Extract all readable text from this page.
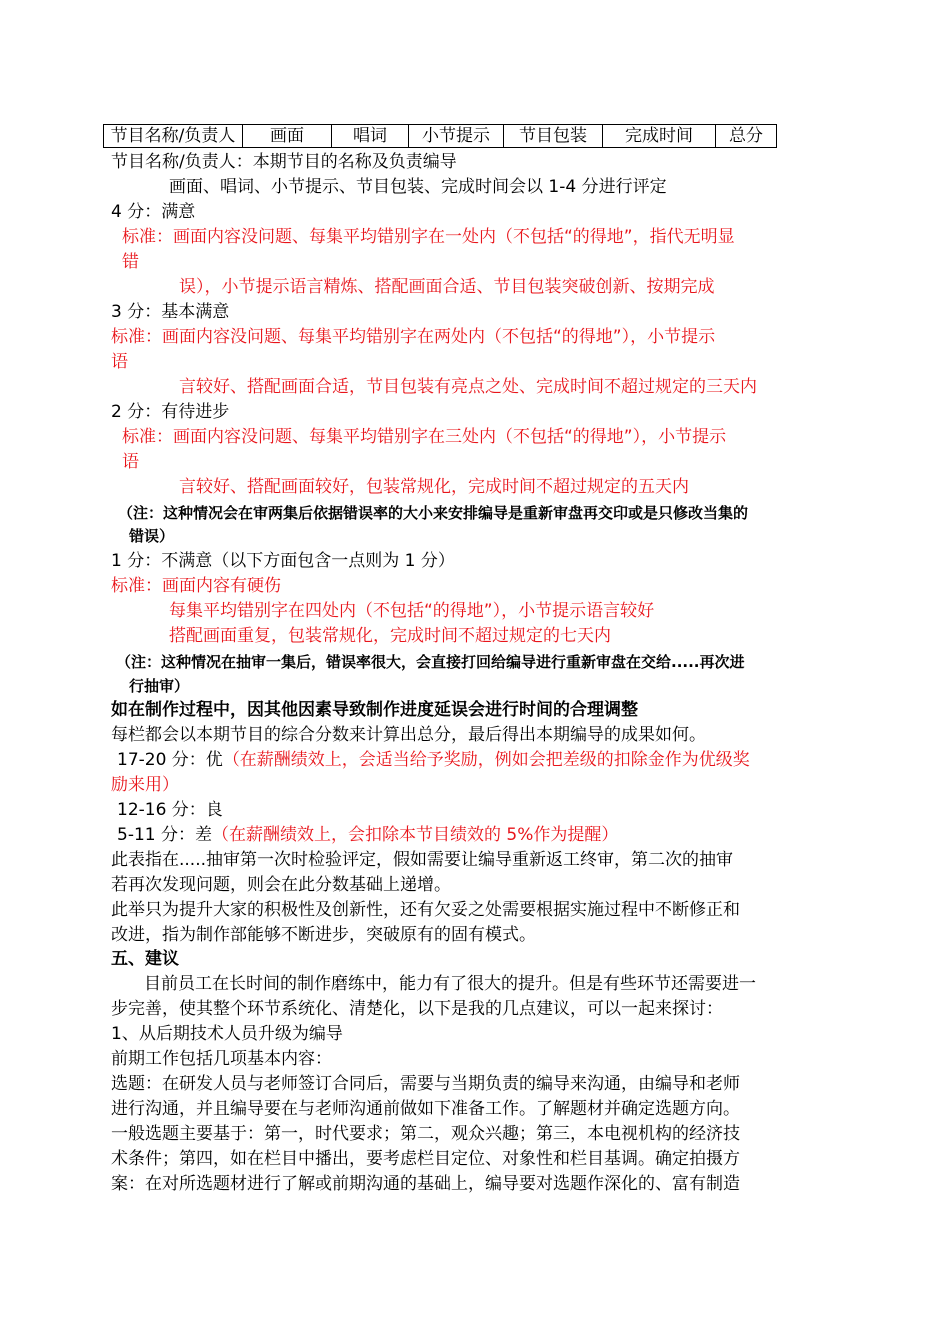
节目名称/负责人	画面	唱词	小节提示	节目包装	完成时间	总分
节目名称/负责人：本期节目的名称及负责编导
画面、唱词、小节提示、节目包装、完成时间会以 1-4 分进行评定
4 分：满意
标准：画面内容没问题、每集平均错别字在一处内（不包括“的得地”，指代无明显
错
误），小节提示语言精炼、搭配画面合适、节目包装突破创新、按期完成
3 分：基本满意
标准：画面内容没问题、每集平均错别字在两处内（不包括“的得地”），小节提示
语
言较好、搭配画面合适，节目包装有亮点之处、完成时间不超过规定的三天内
2 分：有待进步
标准：画面内容没问题、每集平均错别字在三处内（不包括“的得地”），小节提示
语
言较好、搭配画面较好，包装常规化，完成时间不超过规定的五天内
（注：这种情况会在审两集后依据错误率的大小来安排编导是重新审盘再交印或是只修改当集的
错误）
1 分：不满意（以下方面包含一点则为 1 分）
标准：画面内容有硬伤
每集平均错别字在四处内（不包括“的得地”），小节提示语言较好
搭配画面重复，包装常规化，完成时间不超过规定的七天内
（注：这种情况在抽审一集后，错误率很大，会直接打回给编导进行重新审盘在交给.....再次进
行抽审）
如在制作过程中，因其他因素导致制作进度延误会进行时间的合理调整
每栏都会以本期节目的综合分数来计算出总分，最后得出本期编导的成果如何。
17-20 分：优（在薪酬绩效上，会适当给予奖励，例如会把差级的扣除金作为优级奖
励来用）
12-16 分：良
5-11 分：差（在薪酬绩效上，会扣除本节目绩效的 5%作为提醒）
此表指在.....抽审第一次时检验评定，假如需要让编导重新返工终审，第二次的抽审
若再次发现问题，则会在此分数基础上递增。
此举只为提升大家的积极性及创新性，还有欠妥之处需要根据实施过程中不断修正和
改进，指为制作部能够不断进步，突破原有的固有模式。
五、建议
目前员工在长时间的制作磨练中，能力有了很大的提升。但是有些环节还需要进一
步完善，使其整个环节系统化、清楚化，以下是我的几点建议，可以一起来探讨：
1、从后期技术人员升级为编导
前期工作包括几项基本内容：
选题：在研发人员与老师签订合同后，需要与当期负责的编导来沟通，由编导和老师
进行沟通，并且编导要在与老师沟通前做如下准备工作。了解题材并确定选题方向。
一般选题主要基于：第一，时代要求；第二，观众兴趣；第三，本电视机构的经济技
术条件；第四，如在栏目中播出，要考虑栏目定位、对象性和栏目基调。确定拍摄方
案：在对所选题材进行了解或前期沟通的基础上，编导要对选题作深化的、富有制造
